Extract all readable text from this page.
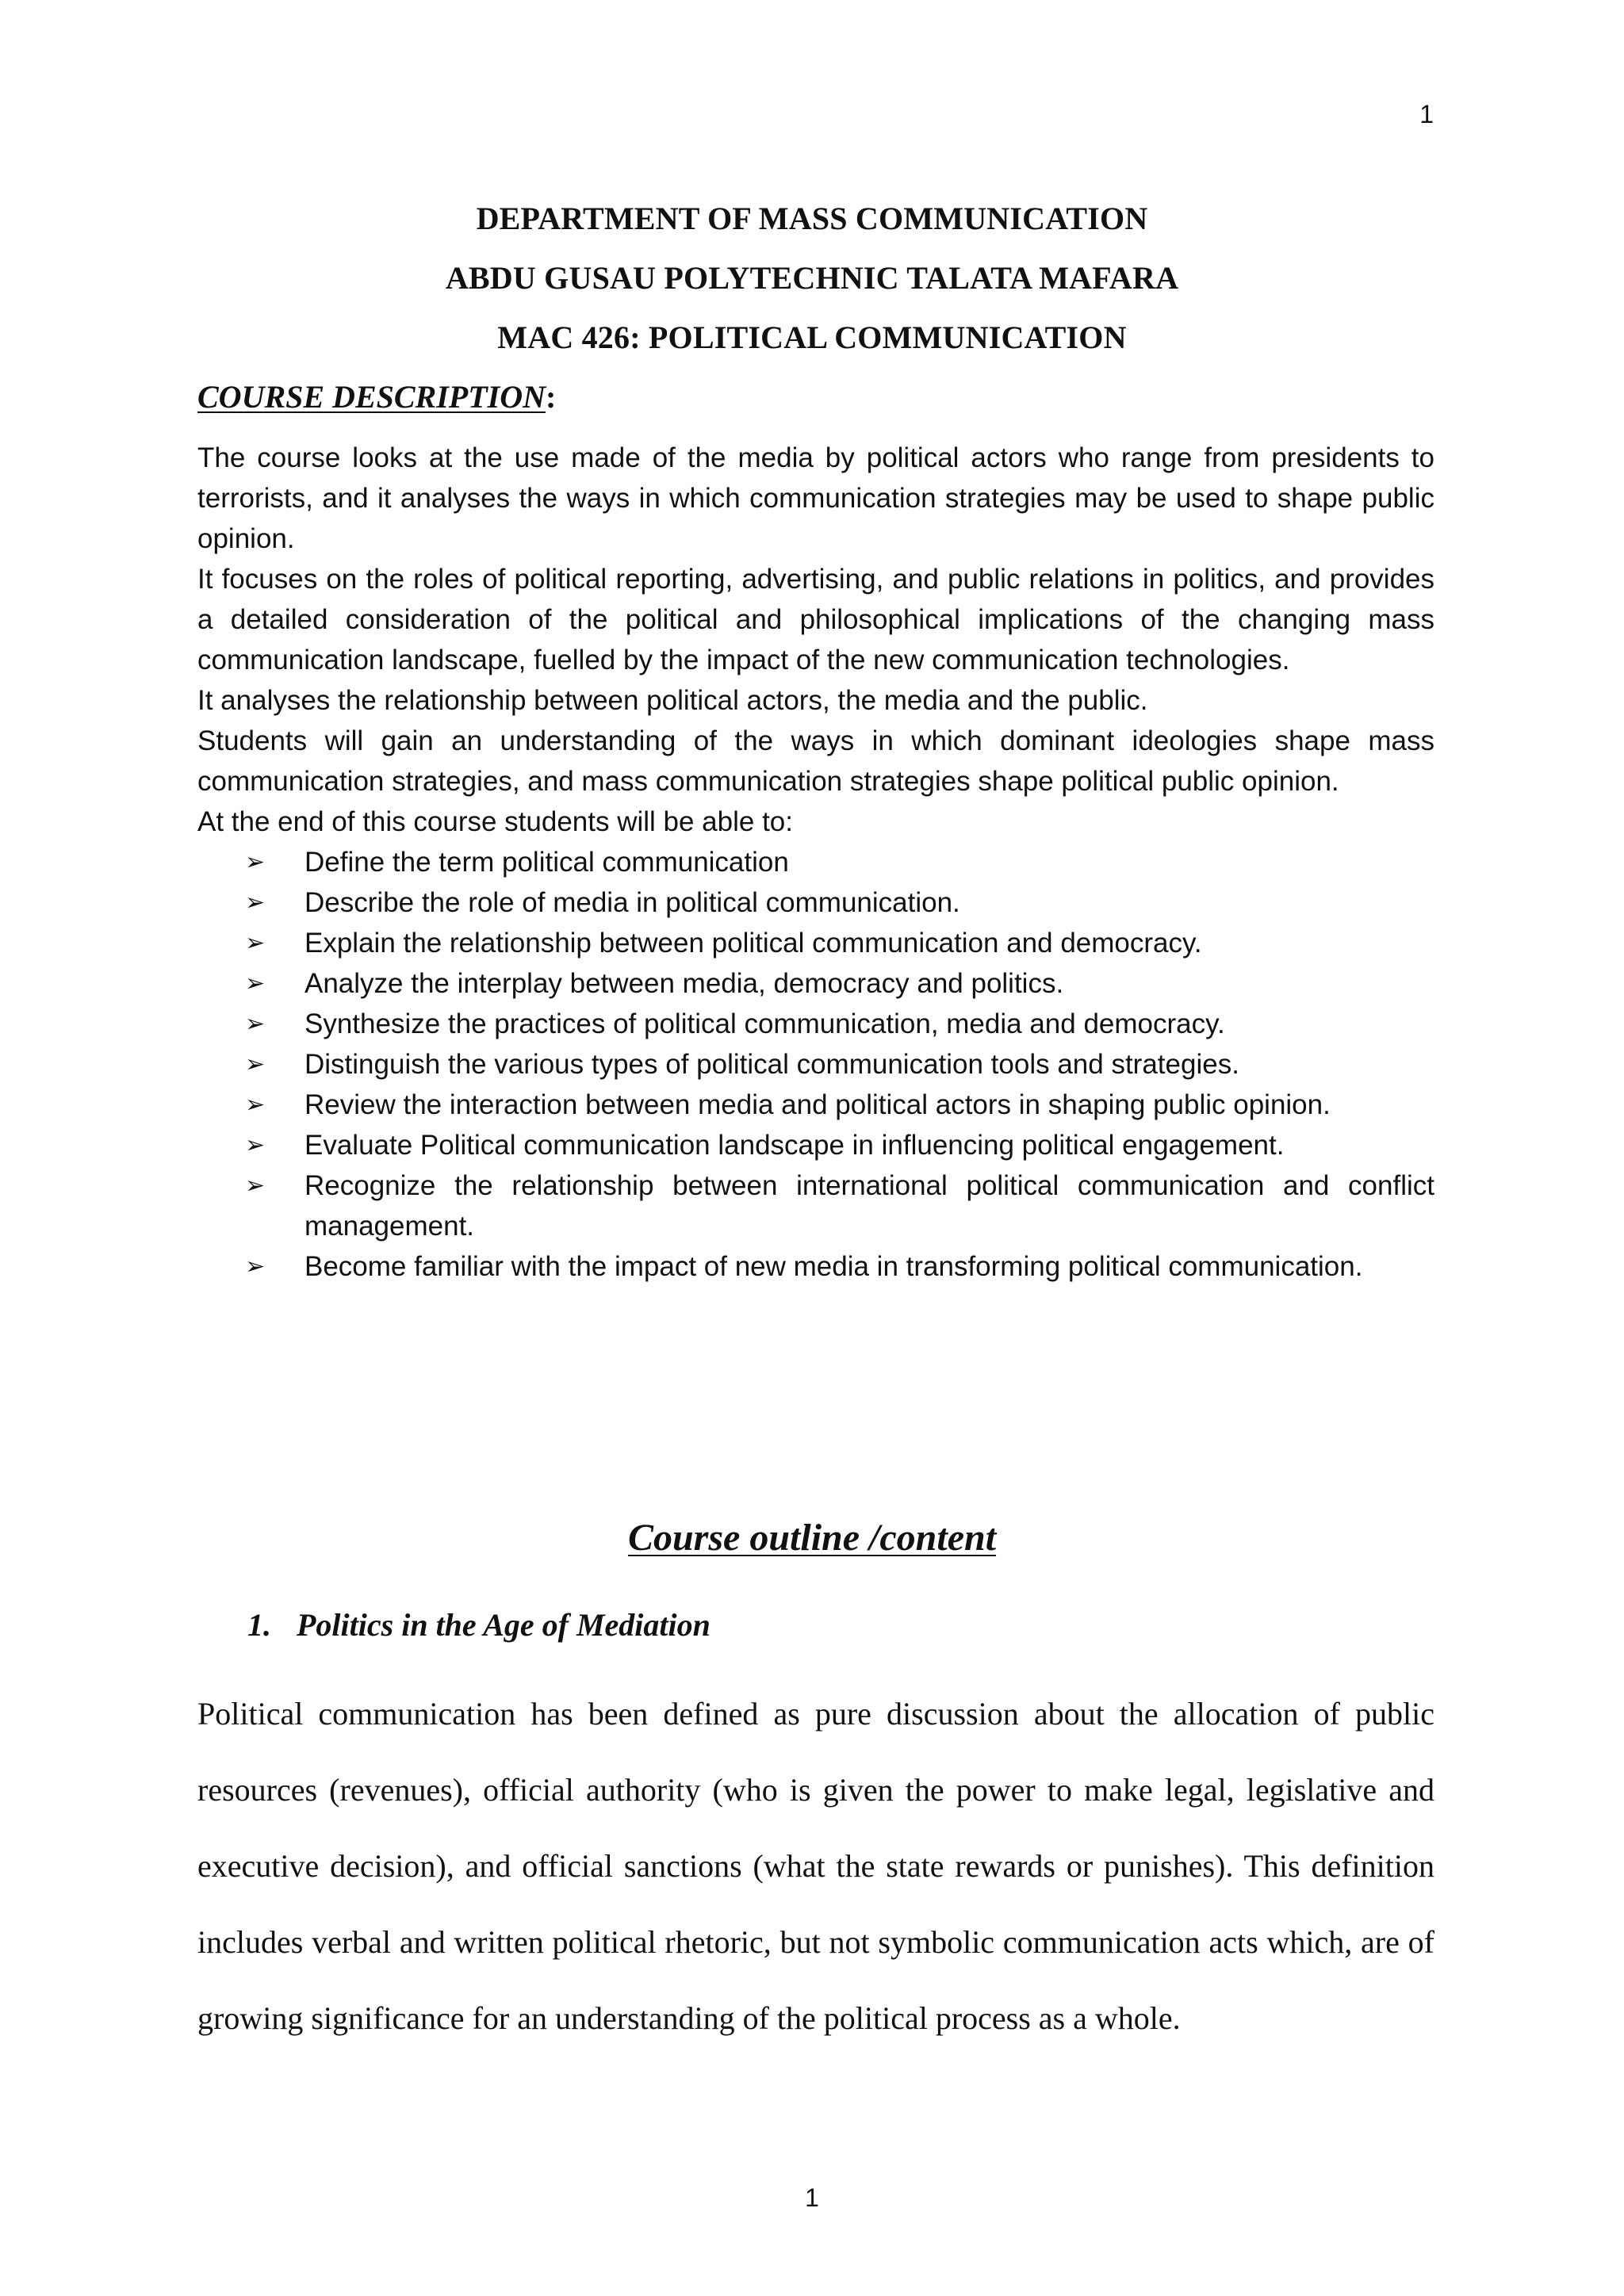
1
DEPARTMENT OF MASS COMMUNICATION
ABDU GUSAU POLYTECHNIC TALATA MAFARA
MAC 426: POLITICAL COMMUNICATION
COURSE DESCRIPTION:

The course looks at the use made of the media by political actors who range from presidents to terrorists, and it analyses the ways in which communication strategies may be used to shape public opinion.

It focuses on the roles of political reporting, advertising, and public relations in politics, and provides a detailed consideration of the political and philosophical implications of the changing mass communication landscape, fuelled by the impact of the new communication technologies.

It analyses the relationship between political actors, the media and the public.

Students will gain an understanding of the ways in which dominant ideologies shape mass communication strategies, and mass communication strategies shape political public opinion.

At the end of this course students will be able to:

➢ Define the term political communication
➢ Describe the role of media in political communication.
➢ Explain the relationship between political communication and democracy.
➢ Analyze the interplay between media, democracy and politics.
➢ Synthesize the practices of political communication, media and democracy.
➢ Distinguish the various types of political communication tools and strategies.
➢ Review the interaction between media and political actors in shaping public opinion.
➢ Evaluate Political communication landscape in influencing political engagement.
➢ Recognize the relationship between international political communication and conflict management.
➢ Become familiar with the impact of new media in transforming political communication.
Course outline /content
1. Politics in the Age of Mediation

Political communication has been defined as pure discussion about the allocation of public resources (revenues), official authority (who is given the power to make legal, legislative and executive decision), and official sanctions (what the state rewards or punishes). This definition includes verbal and written political rhetoric, but not symbolic communication acts which, are of growing significance for an understanding of the political process as a whole.

1
